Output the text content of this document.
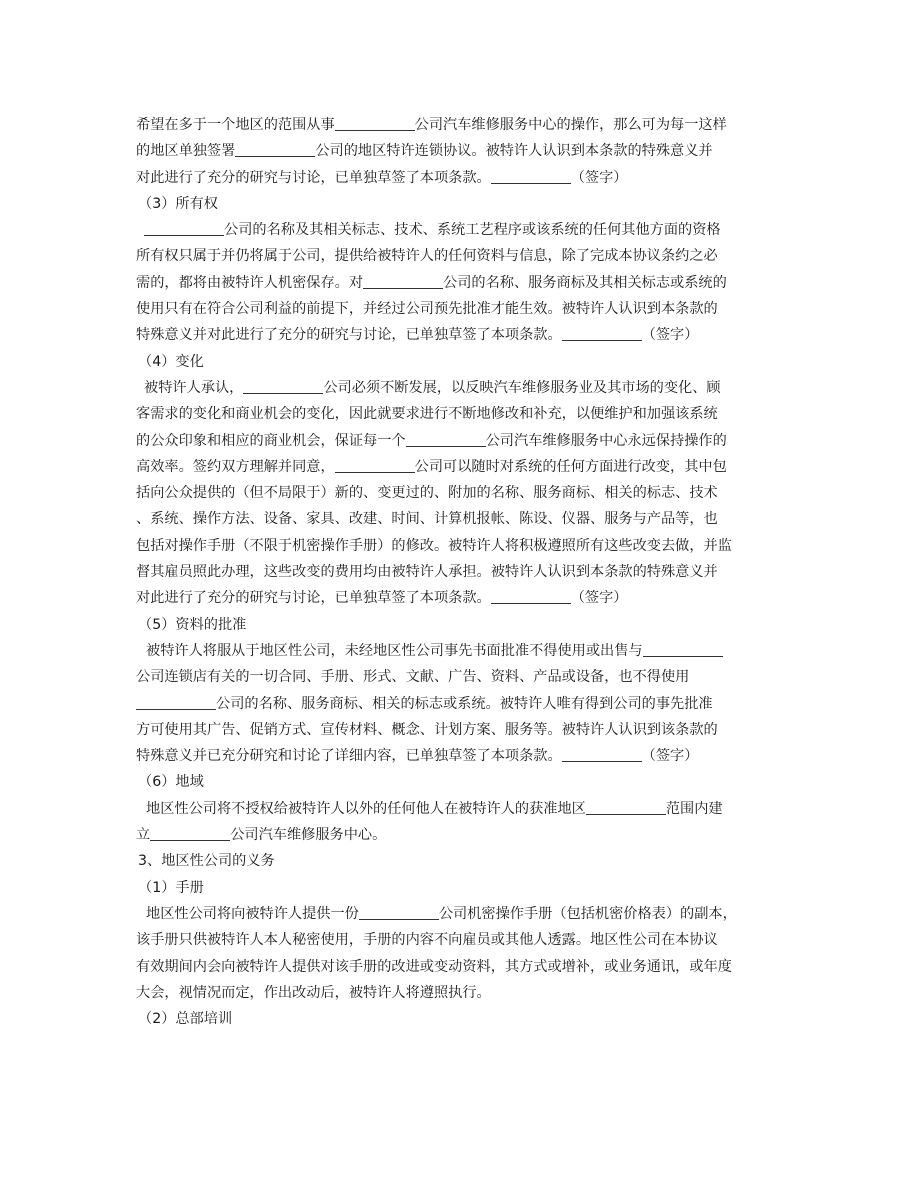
希望在多于一个地区的范围从事	公司汽车维修服务中心的操作，那么可为每一这样
的地区单独签署	公司的地区特许连锁协议。被特许人认识到本条款的特殊意义并
对此进行了充分的研究与讨论，已单独草签了本项条款。	（签字）
（3）所有权
公司的名称及其相关标志、技术、系统工艺程序或该系统的任何其他方面的资格
所有权只属于并仍将属于公司，提供给被特许人的任何资料与信息，除了完成本协议条约之必
需的，都将由被特许人机密保存。对	公司的名称、服务商标及其相关标志或系统的
使用只有在符合公司利益的前提下，并经过公司预先批准才能生效。被特许人认识到本条款的
特殊意义并对此进行了充分的研究与讨论，已单独草签了本项条款。	（签字）
（4）变化
被特许人承认，	公司必须不断发展，以反映汽车维修服务业及其市场的变化、顾
客需求的变化和商业机会的变化，因此就要求进行不断地修改和补充，以便维护和加强该系统
的公众印象和相应的商业机会，保证每一个	公司汽车维修服务中心永远保持操作的
高效率。签约双方理解并同意，	公司可以随时对系统的任何方面进行改变，其中包
括向公众提供的（但不局限于）新的、变更过的、附加的名称、服务商标、相关的标志、技术
、系统、操作方法、设备、家具、改建、时间、计算机报帐、陈设、仪器、服务与产品等，也
包括对操作手册（不限于机密操作手册）的修改。被特许人将积极遵照所有这些改变去做，并监
督其雇员照此办理，这些改变的费用均由被特许人承担。被特许人认识到本条款的特殊意义并
对此进行了充分的研究与讨论，已单独草签了本项条款。	（签字）
（5）资料的批准
被特许人将服从于地区性公司，未经地区性公司事先书面批准不得使用或出售与
公司连锁店有关的一切合同、手册、形式、文献、广告、资料、产品或设备，也不得使用
公司的名称、服务商标、相关的标志或系统。被特许人唯有得到公司的事先批准
方可使用其广告、促销方式、宣传材料、概念、计划方案、服务等。被特许人认识到该条款的
特殊意义并已充分研究和讨论了详细内容，已单独草签了本项条款。	（签字）
（6）地域
地区性公司将不授权给被特许人以外的任何他人在被特许人的获准地区	范围内建
立	公司汽车维修服务中心。
3、地区性公司的义务
（1）手册
地区性公司将向被特许人提供一份	公司机密操作手册（包括机密价格表）的副本，
该手册只供被特许人本人秘密使用，手册的内容不向雇员或其他人透露。地区性公司在本协议
有效期间内会向被特许人提供对该手册的改进或变动资料，其方式或增补，或业务通讯，或年度
大会，视情况而定，作出改动后，被特许人将遵照执行。
（2）总部培训
